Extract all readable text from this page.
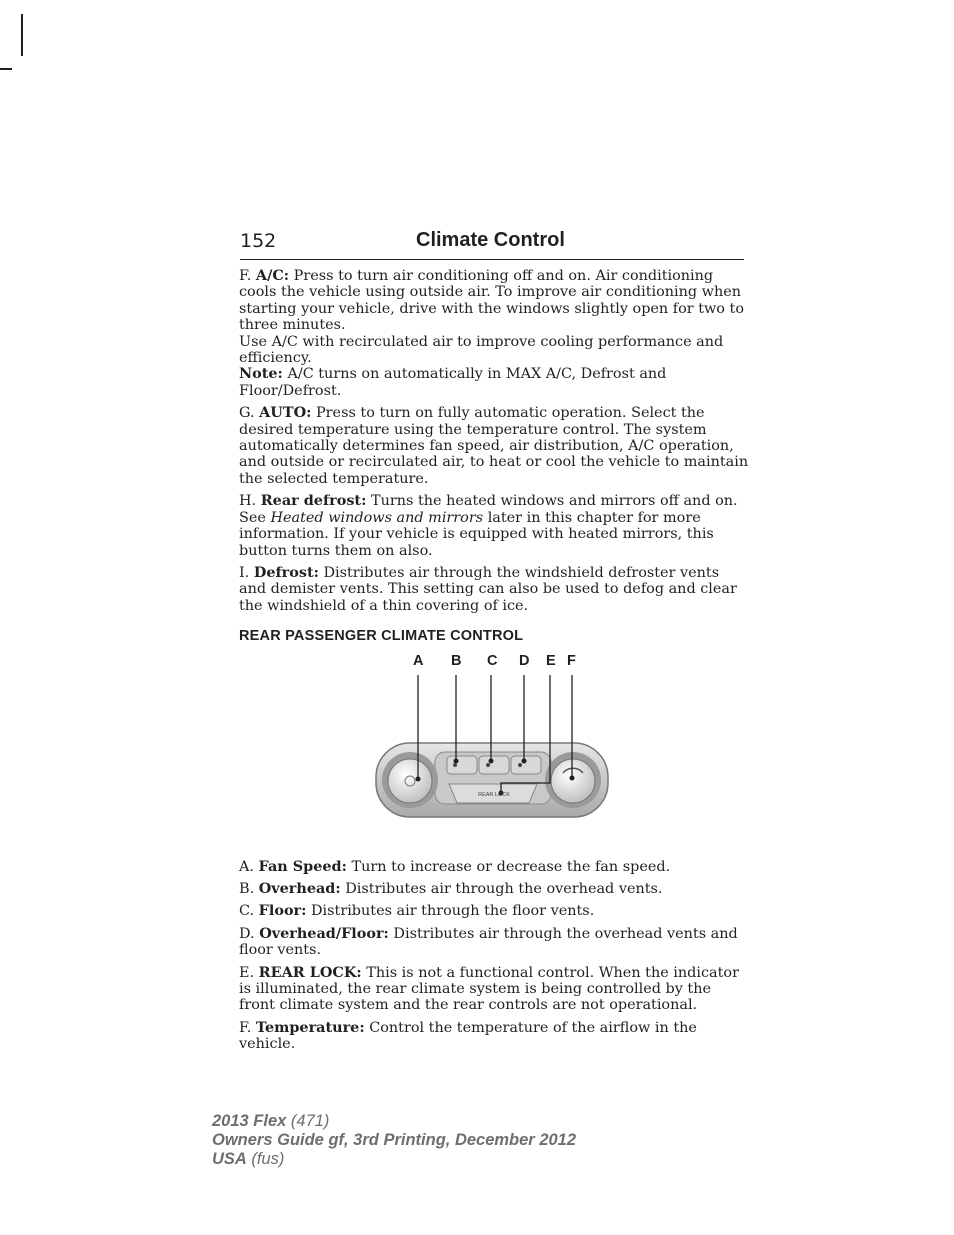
152	Climate Control

F. A/C: Press to turn air conditioning off and on. Air conditioning cools the vehicle using outside air. To improve air conditioning when starting your vehicle, drive with the windows slightly open for two to three minutes.

Use A/C with recirculated air to improve cooling performance and efficiency.

Note: A/C turns on automatically in MAX A/C, Defrost and Floor/Defrost.

G. AUTO: Press to turn on fully automatic operation. Select the desired temperature using the temperature control. The system automatically determines fan speed, air distribution, A/C operation, and outside or recirculated air, to heat or cool the vehicle to maintain the selected temperature.

H. Rear defrost: Turns the heated windows and mirrors off and on. See Heated windows and mirrors later in this chapter for more information. If your vehicle is equipped with heated mirrors, this button turns them on also.

I. Defrost: Distributes air through the windshield defroster vents and demister vents. This setting can also be used to defog and clear the windshield of a thin covering of ice.

REAR PASSENGER CLIMATE CONTROL
A B C D E F
REAR LOCK

A. Fan Speed: Turn to increase or decrease the fan speed.

B. Overhead: Distributes air through the overhead vents.

C. Floor: Distributes air through the floor vents.

D. Overhead/Floor: Distributes air through the overhead vents and floor vents.

E. REAR LOCK: This is not a functional control. When the indicator is illuminated, the rear climate system is being controlled by the front climate system and the rear controls are not operational.

F. Temperature: Control the temperature of the airflow in the vehicle.

2013 Flex (471)
Owners Guide gf, 3rd Printing, December 2012
USA (fus)
